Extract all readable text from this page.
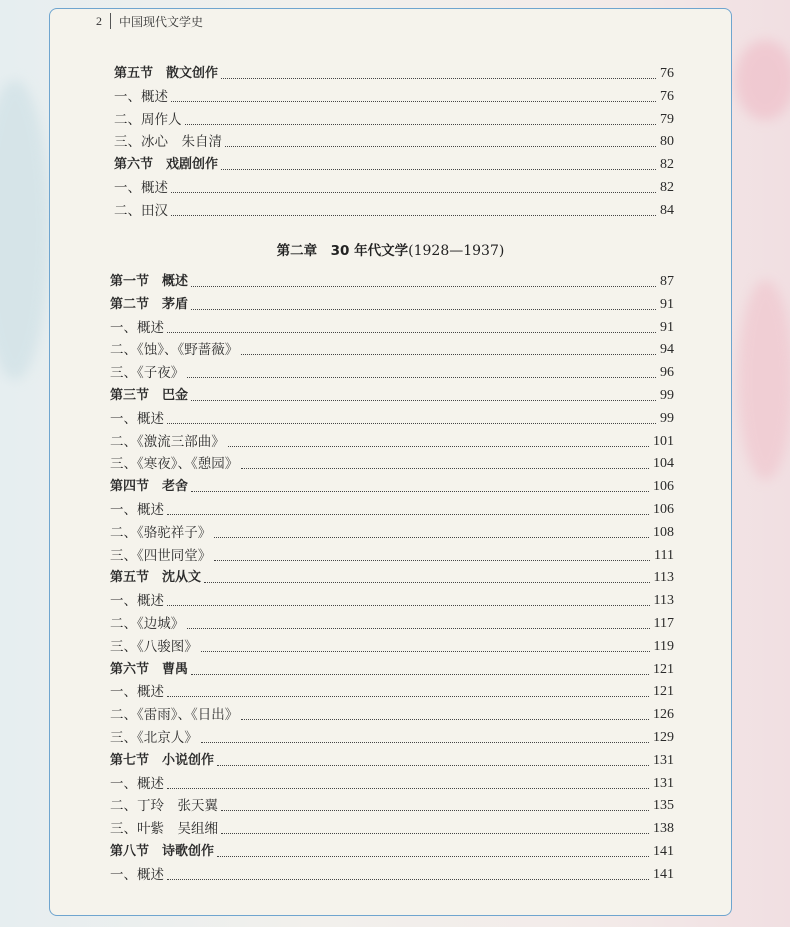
2 中国现代文学史
第二章　30 年代文学(1928—1937)
第五节　散文创作	76
一、概述	76
二、周作人	79
三、冰心　朱自清	80
第六节　戏剧创作	82
一、概述	82
二、田汉	84
第一节　概述	87
第二节　茅盾	91
一、概述	91
二、《蚀》、《野蔷薇》	94
三、《子夜》	96
第三节　巴金	99
一、概述	99
二、《激流三部曲》	101
三、《寒夜》、《憩园》	104
第四节　老舍	106
一、概述	106
二、《骆驼祥子》	108
三、《四世同堂》	111
第五节　沈从文	113
一、概述	113
二、《边城》	117
三、《八骏图》	119
第六节　曹禺	121
一、概述	121
二、《雷雨》、《日出》	126
三、《北京人》	129
第七节　小说创作	131
一、概述	131
二、丁玲　张天翼	135
三、叶紫　吴组缃	138
第八节　诗歌创作	141
一、概述	141
